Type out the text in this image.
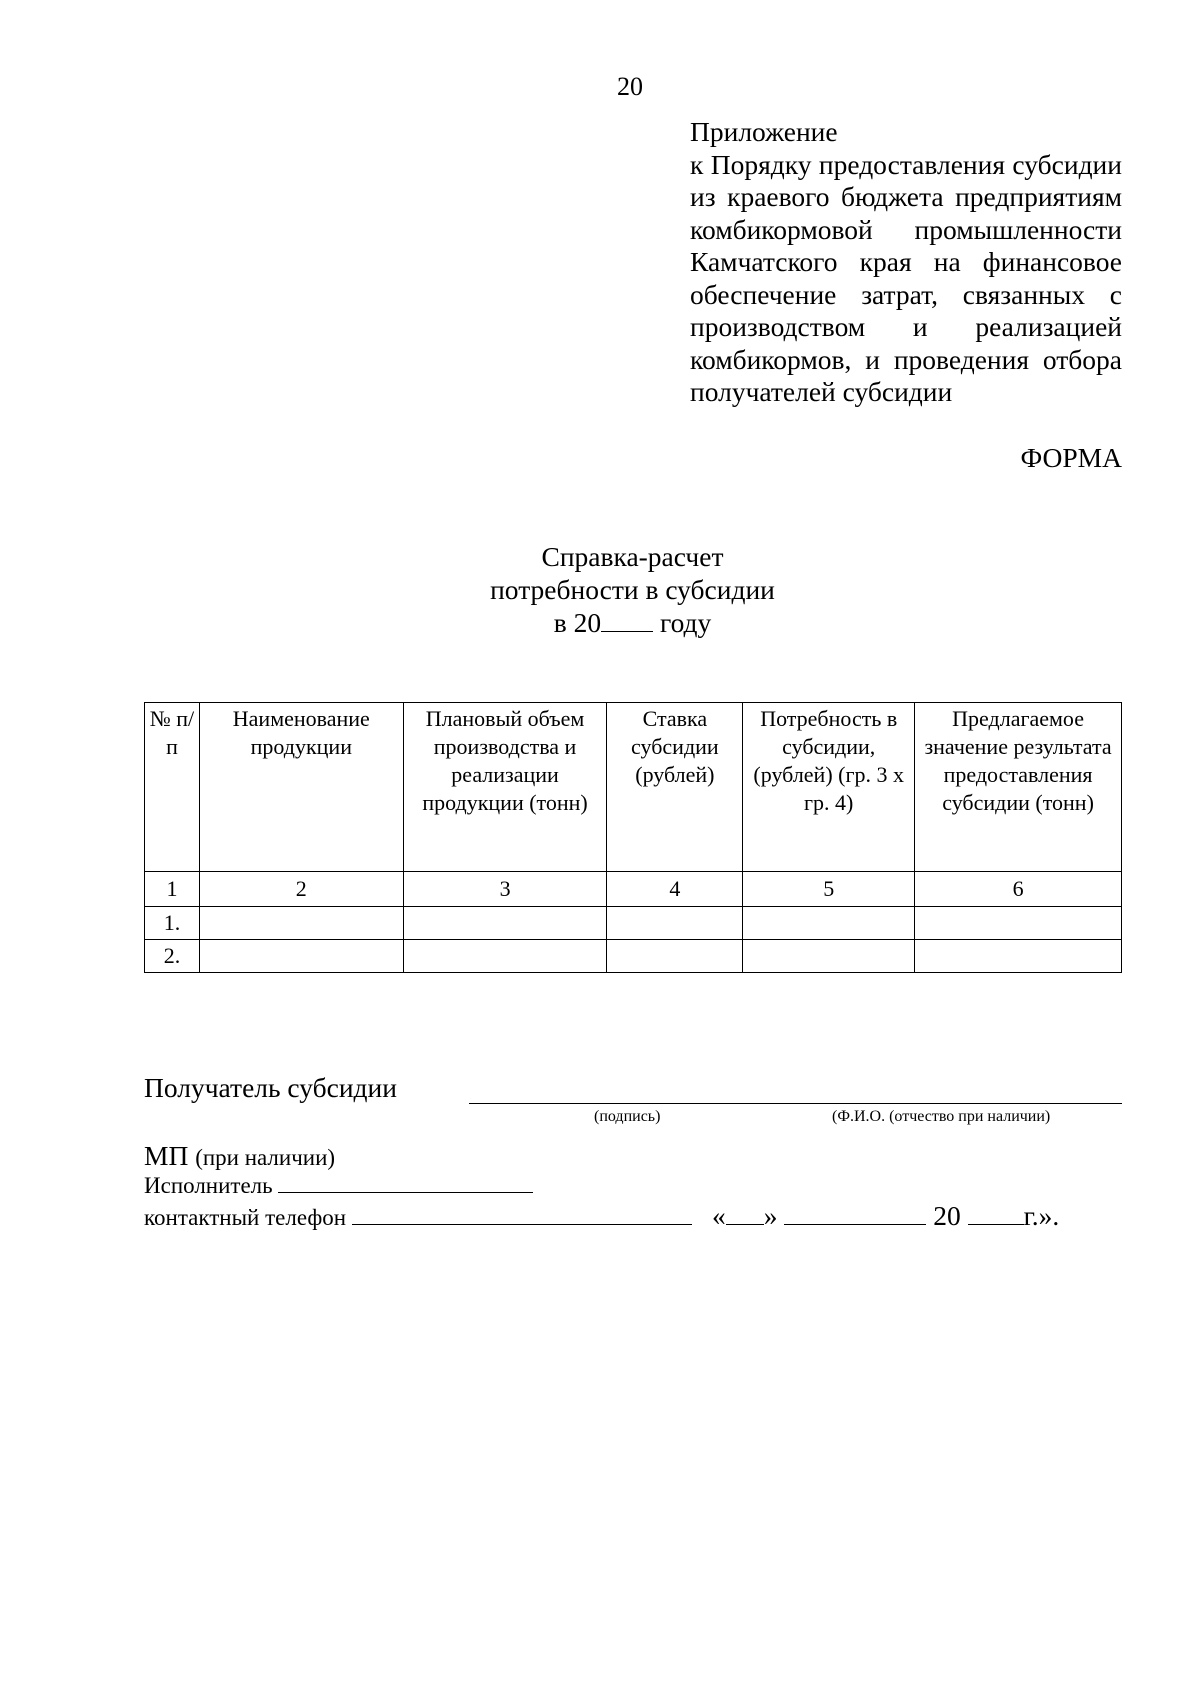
20
Приложение
к Порядку предоставления субсидии из краевого бюджета предприятиям комбикормовой промышленности Камчатского края на финансовое обеспечение затрат, связанных с производством и реализацией комбикормов, и проведения отбора получателей субсидии
ФОРМА
Справка-расчет
потребности в субсидии
в 20 году
№ п/п	Наименование продукции	Плановый объем производства и реализации продукции (тонн)	Ставка субсидии (рублей)	Потребность в субсидии, (рублей) (гр. 3 х гр. 4)	Предлагаемое значение результата предоставления субсидии (тонн)
1	2	3	4	5	6
1.					
2.					
Получатель субсидии
(подпись)	(Ф.И.О. (отчество при наличии)
МП (при наличии)
Исполнитель
контактный телефон	« »	20 г.».
